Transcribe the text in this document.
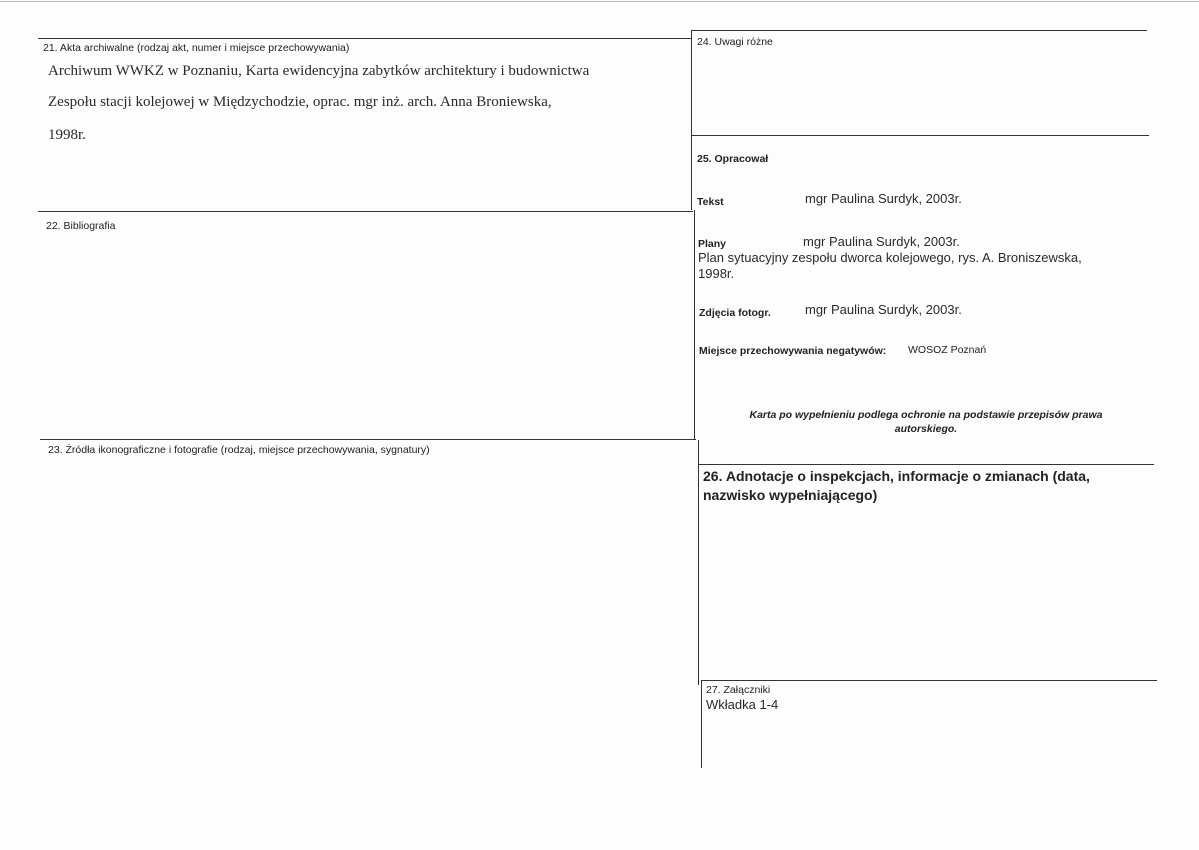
21. Akta archiwalne (rodzaj akt, numer i miejsce przechowywania)
Archiwum WWKZ w Poznaniu, Karta ewidencyjna zabytków architektury i budownictwa
Zespołu stacji kolejowej w Międzychodzie, oprac. mgr inż. arch. Anna Broniewska,
1998r.
22. Bibliografia
23. Źródła ikonograficzne i fotografie (rodzaj, miejsce przechowywania, sygnatury)
24. Uwagi różne
25. Opracował
Tekst	mgr Paulina Surdyk, 2003r.
Plany	mgr Paulina Surdyk, 2003r.
Plan sytuacyjny zespołu dworca kolejowego, rys. A. Broniszewska,
1998r.
Zdjęcia fotogr.	mgr Paulina Surdyk, 2003r.
Miejsce przechowywania negatywów: WOSOZ Poznań
Karta po wypełnieniu podlega ochronie na podstawie przepisów prawa
autorskiego.
26. Adnotacje o inspekcjach, informacje o zmianach (data,
nazwisko wypełniającego)
27. Załączniki
Wkładka 1-4
